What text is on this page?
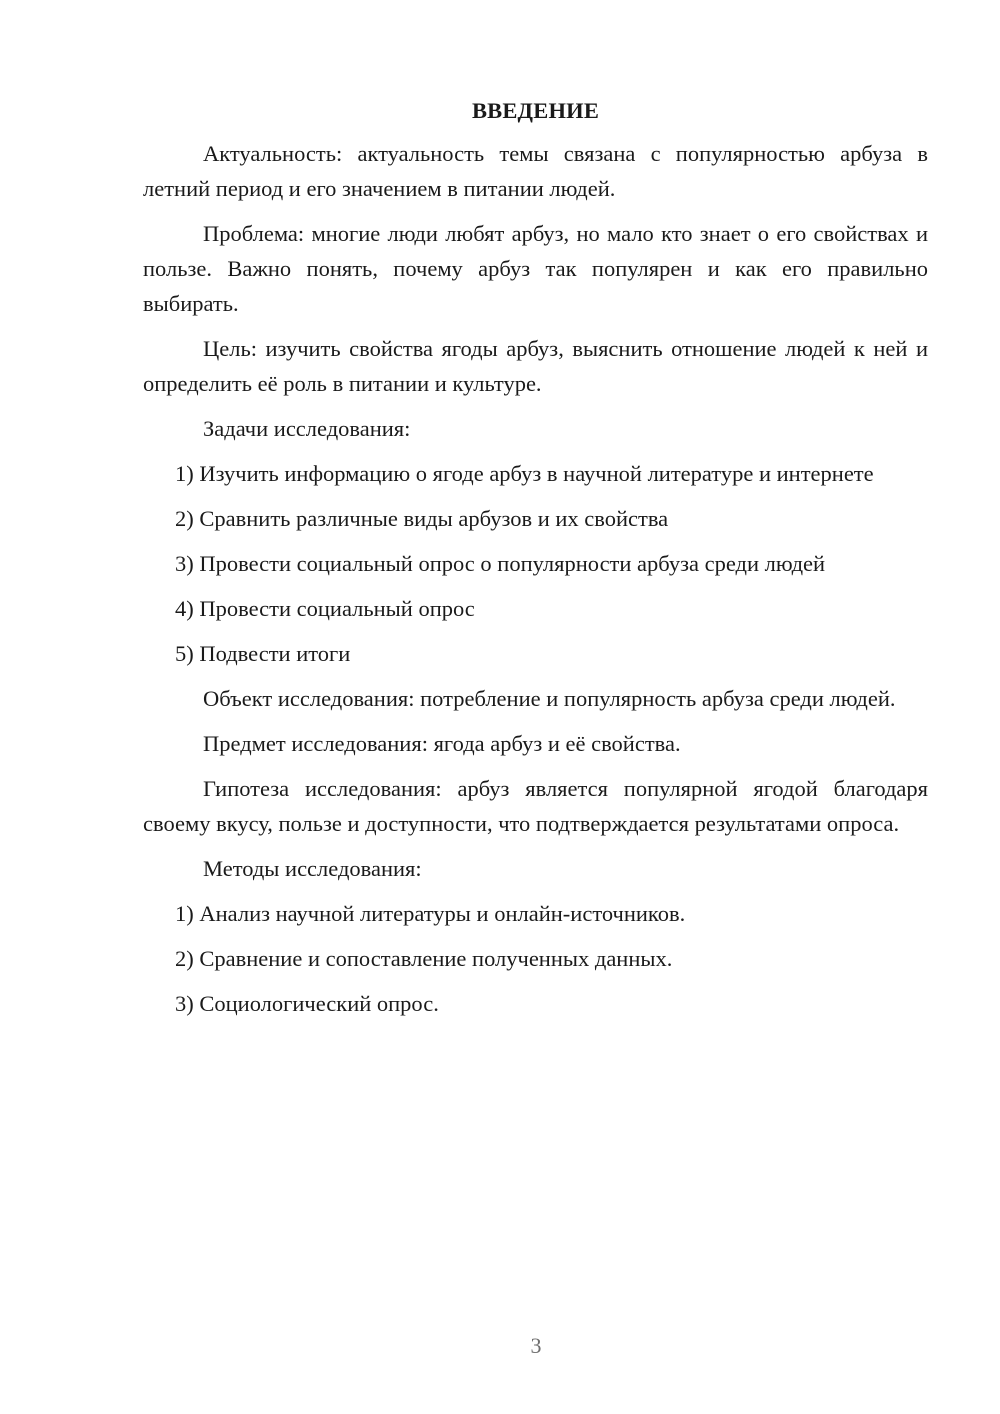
ВВЕДЕНИЕ

Актуальность: актуальность темы связана с популярностью арбуза в летний период и его значением в питании людей.

Проблема: многие люди любят арбуз, но мало кто знает о его свойствах и пользе. Важно понять, почему арбуз так популярен и как его правильно выбирать.

Цель: изучить свойства ягоды арбуз, выяснить отношение людей к ней и определить её роль в питании и культуре.

Задачи исследования:

1) Изучить информацию о ягоде арбуз в научной литературе и интернете

2) Сравнить различные виды арбузов и их свойства

3) Провести социальный опрос о популярности арбуза среди людей

4) Провести социальный опрос

5) Подвести итоги

Объект исследования: потребление и популярность арбуза среди людей.

Предмет исследования: ягода арбуз и её свойства.

Гипотеза исследования: арбуз является популярной ягодой благодаря своему вкусу, пользе и доступности, что подтверждается результатами опроса.

Методы исследования:

1) Анализ научной литературы и онлайн-источников.

2) Сравнение и сопоставление полученных данных.

3) Социологический опрос.

3
